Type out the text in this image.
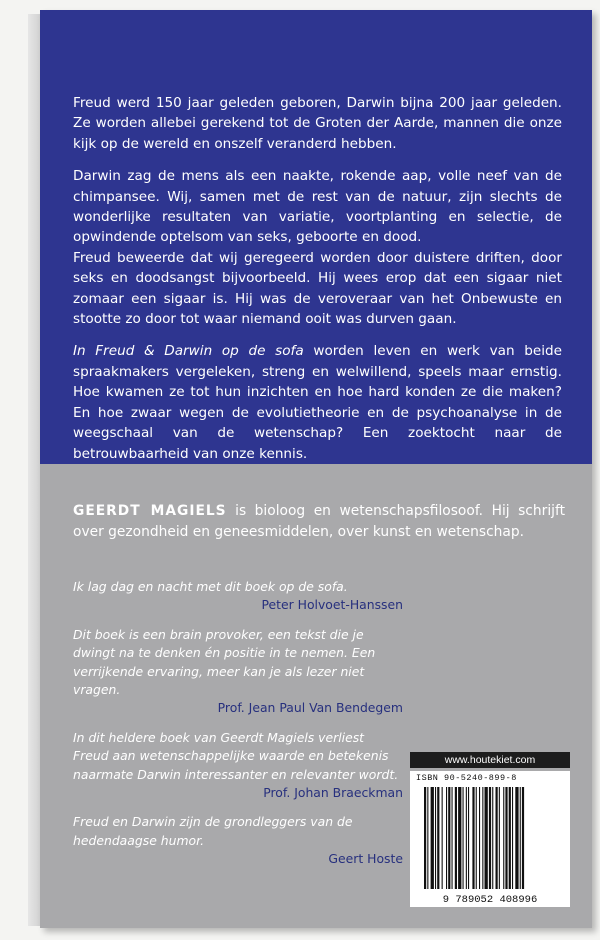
Freud werd 150 jaar geleden geboren, Darwin bijna 200 jaar geleden. Ze worden allebei gerekend tot de Groten der Aarde, mannen die onze kijk op de wereld en onszelf veranderd hebben.

Darwin zag de mens als een naakte, rokende aap, volle neef van de chimpansee. Wij, samen met de rest van de natuur, zijn slechts de wonderlijke resultaten van variatie, voortplanting en selectie, de opwindende optelsom van seks, geboorte en dood.

Freud beweerde dat wij geregeerd worden door duistere driften, door seks en doodsangst bijvoorbeeld. Hij wees erop dat een sigaar niet zomaar een sigaar is. Hij was de veroveraar van het Onbewuste en stootte zo door tot waar niemand ooit was durven gaan.

In Freud & Darwin op de sofa worden leven en werk van beide spraakmakers vergeleken, streng en welwillend, speels maar ernstig. Hoe kwamen ze tot hun inzichten en hoe hard konden ze die maken? En hoe zwaar wegen de evolutietheorie en de psychoanalyse in de weegschaal van de wetenschap? Een zoektocht naar de betrouwbaarheid van onze kennis.

GEERDT MAGIELS is bioloog en wetenschapsfilosoof. Hij schrijft over gezondheid en geneesmiddelen, over kunst en wetenschap.
Ik lag dag en nacht met dit boek op de sofa.
Peter Holvoet-Hanssen
Dit boek is een brain provoker, een tekst die je dwingt na te denken én positie in te nemen. Een verrijkende ervaring, meer kan je als lezer niet vragen.
Prof. Jean Paul Van Bendegem
In dit heldere boek van Geerdt Magiels verliest Freud aan wetenschappelijke waarde en betekenis naarmate Darwin interessanter en relevanter wordt.
Prof. Johan Braeckman
Freud en Darwin zijn de grondleggers van de hedendaagse humor.
Geert Hoste
www.houtekiet.com
ISBN 90-5240-899-8
9 789052 408996
